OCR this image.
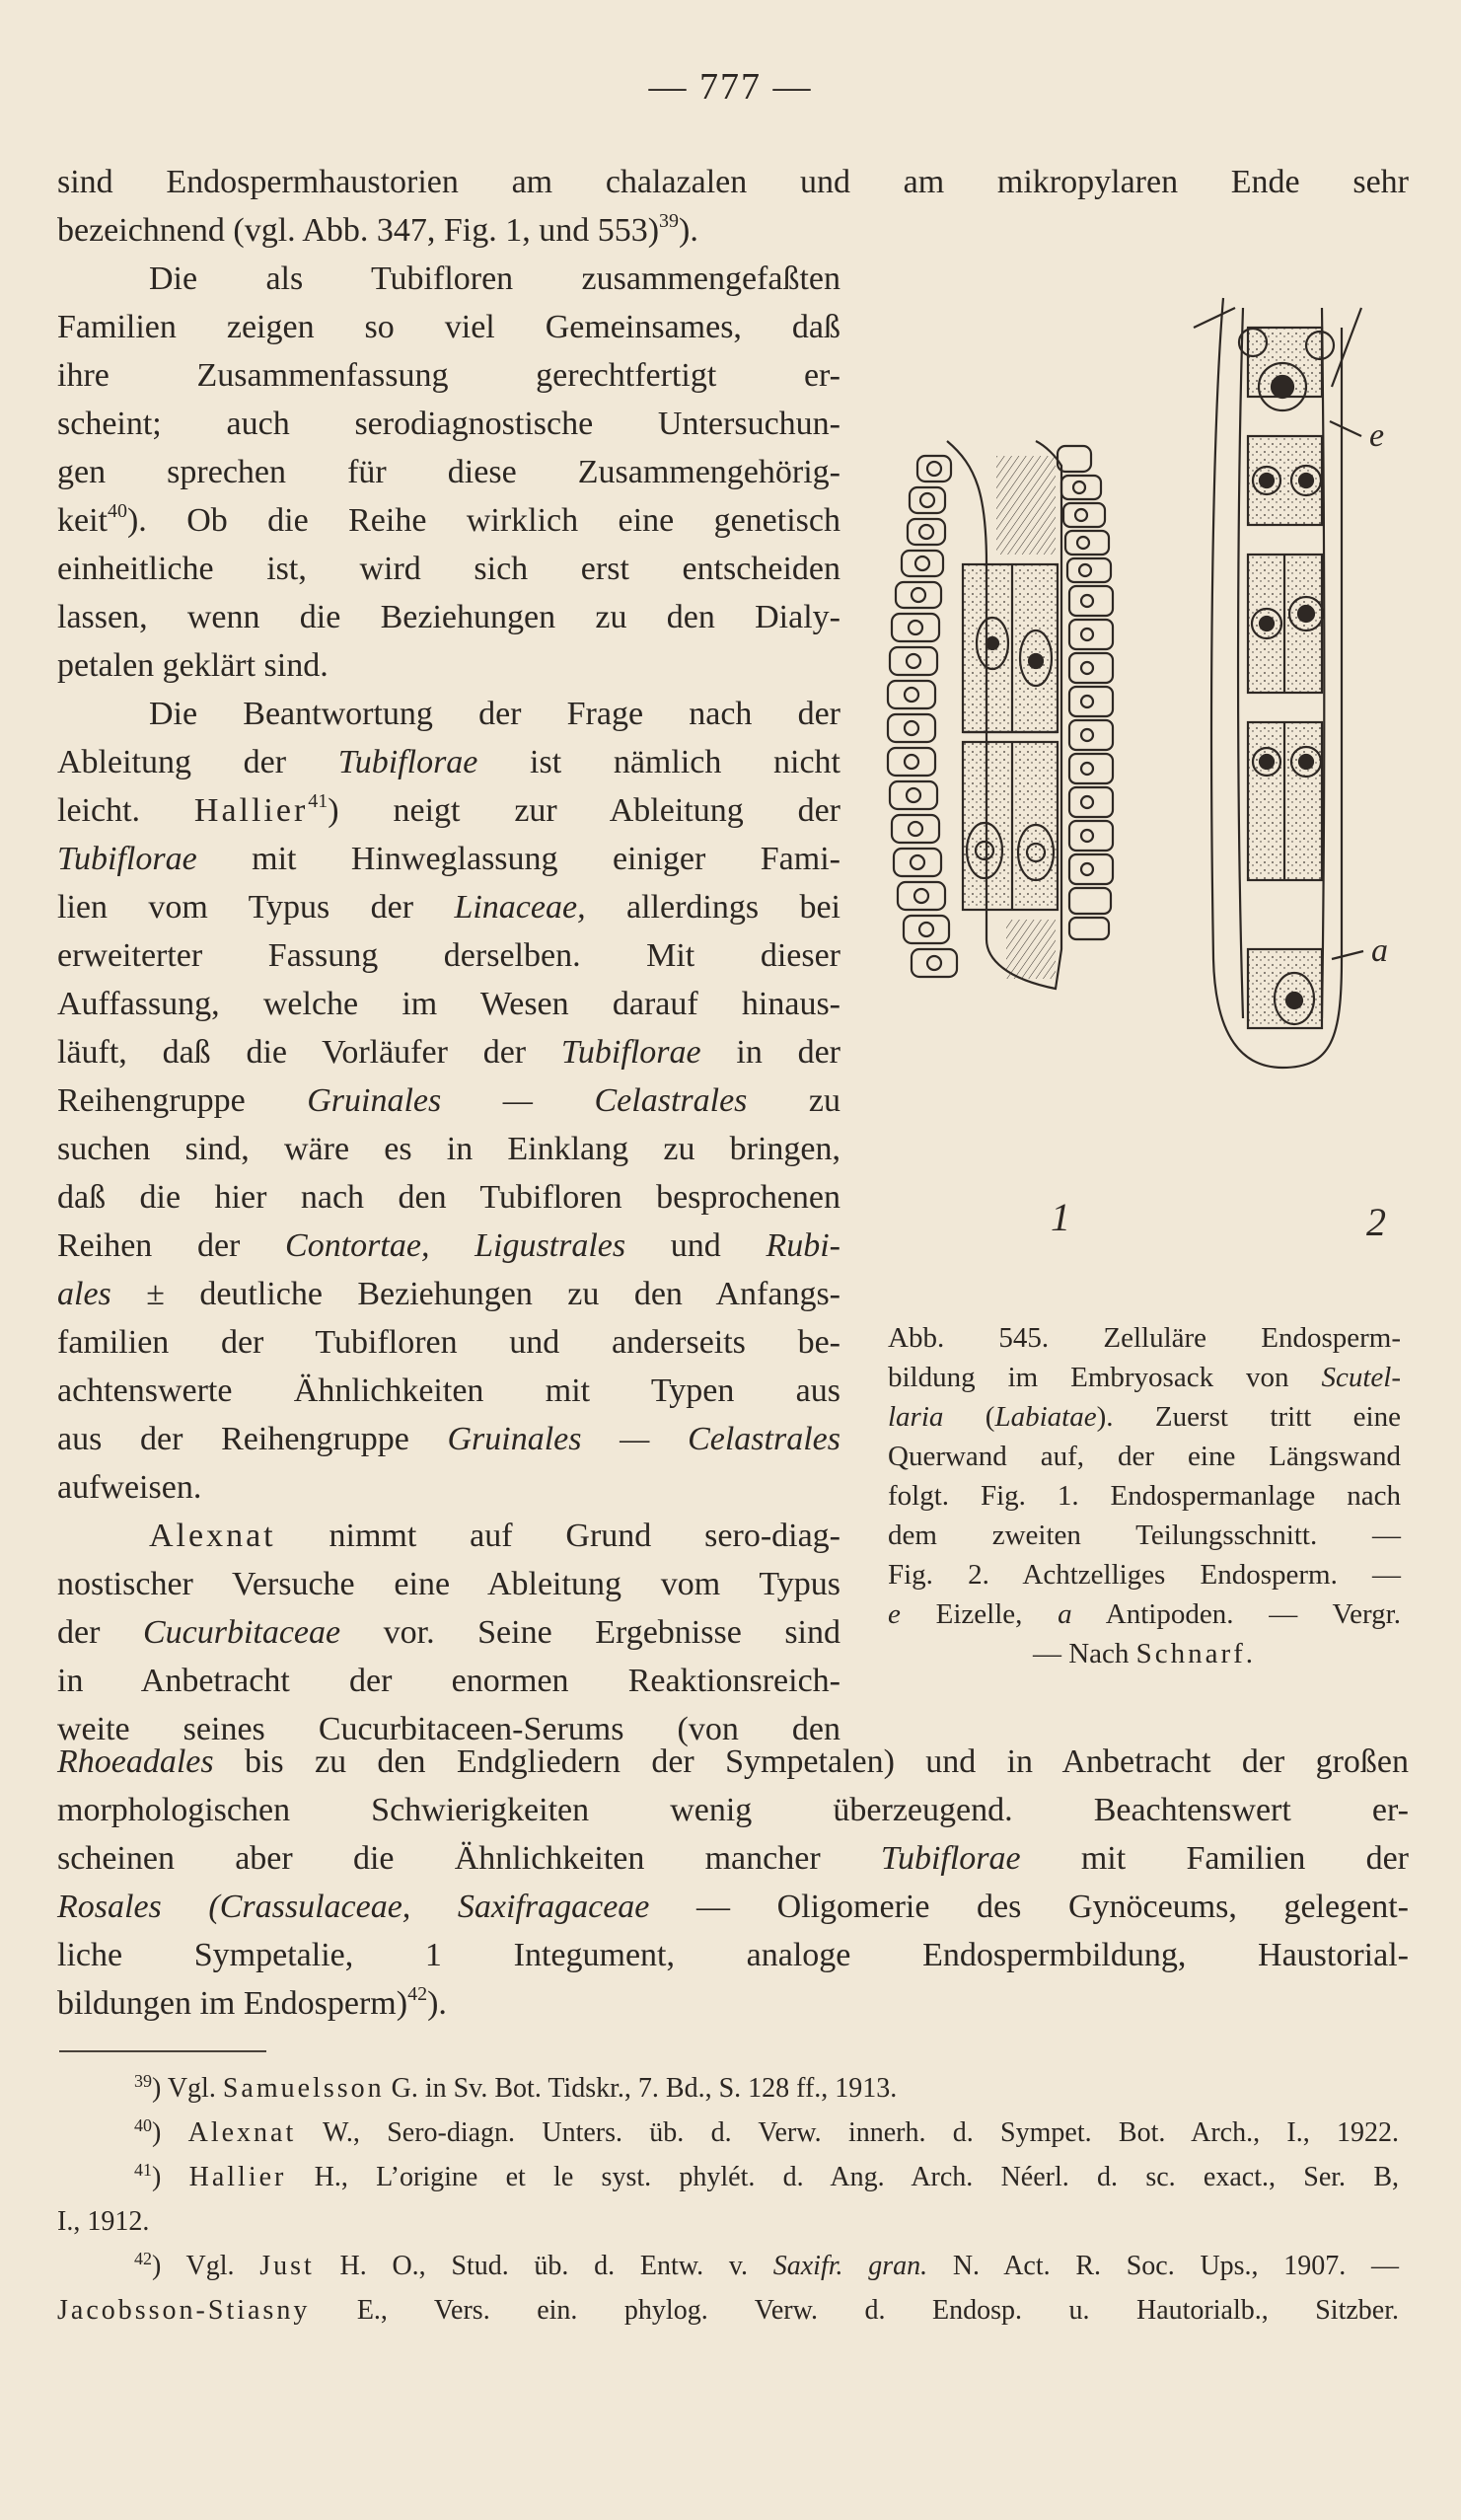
— 777 —
sind Endospermhaustorien am chalazalen und am mikropylaren Ende sehr
bezeichnend (vgl. Abb. 347, Fig. 1, und 553)$^{39}$).
Die als Tubifloren zusammengefaßten
Familien zeigen so viel Gemeinsames, daß
ihre Zusammenfassung gerechtfertigt er-
scheint; auch serodiagnostische Untersuchun-
gen sprechen für diese Zusammengehörig-
keit$^{40}$). Ob die Reihe wirklich eine genetisch
einheitliche ist, wird sich erst entscheiden
lassen, wenn die Beziehungen zu den Dialy-
petalen geklärt sind.
Die Beantwortung der Frage nach der
Ableitung der Tubiflorae ist nämlich nicht
leicht. Hallier$^{41}$) neigt zur Ableitung der
Tubiflorae mit Hinweglassung einiger Fami-
lien vom Typus der Linaceae, allerdings bei
erweiterter Fassung derselben. Mit dieser
Auffassung, welche im Wesen darauf hinaus-
läuft, daß die Vorläufer der Tubiflorae in der
Reihengruppe Gruinales — Celastrales zu
suchen sind, wäre es in Einklang zu bringen,
daß die hier nach den Tubifloren besprochenen
Reihen der Contortae, Ligustrales und Rubi-
ales ± deutliche Beziehungen zu den Anfangs-
familien der Tubifloren und anderseits be-
achtenswerte Ähnlichkeiten mit Typen aus
aus der Reihengruppe Gruinales — Celastrales
aufweisen.
Alexnat nimmt auf Grund sero-diag-
nostischer Versuche eine Ableitung vom Typus
der Cucurbitaceae vor. Seine Ergebnisse sind
in Anbetracht der enormen Reaktionsreich-
weite seines Cucurbitaceen-Serums (von den
Rhoeadales bis zu den Endgliedern der Sympetalen) und in Anbetracht der großen
morphologischen Schwierigkeiten wenig überzeugend. Beachtenswert er-
scheinen aber die Ähnlichkeiten mancher Tubiflorae mit Familien der
Rosales (Crassulaceae, Saxifragaceae — Oligomerie des Gynöceums, gelegent-
liche Sympetalie, 1 Integument, analoge Endospermbildung, Haustorial-
bildungen im Endosperm)$^{42}$).
1	2
e
a
Abb. 545. Zelluläre Endosperm-
bildung im Embryosack von Scutel-
laria (Labiatae). Zuerst tritt eine
Querwand auf, der eine Längswand
folgt. Fig. 1. Endospermanlage nach
dem zweiten Teilungsschnitt. —
Fig. 2. Achtzelliges Endosperm. —
e Eizelle, a Antipoden. — Vergr.
— Nach Schnarf.
$^{39}$) Vgl. Samuelsson G. in Sv. Bot. Tidskr., 7. Bd., S. 128 ff., 1913.
$^{40}$) Alexnat W., Sero-diagn. Unters. üb. d. Verw. innerh. d. Sympet. Bot. Arch., I., 1922.
$^{41}$) Hallier H., L’origine et le syst. phylét. d. Ang. Arch. Néerl. d. sc. exact., Ser. B,
I., 1912.
$^{42}$) Vgl. Just H. O., Stud. üb. d. Entw. v. Saxifr. gran. N. Act. R. Soc. Ups., 1907. —
Jacobsson-Stiasny E., Vers. ein. phylog. Verw. d. Endosp. u. Hautorialb., Sitzber.
